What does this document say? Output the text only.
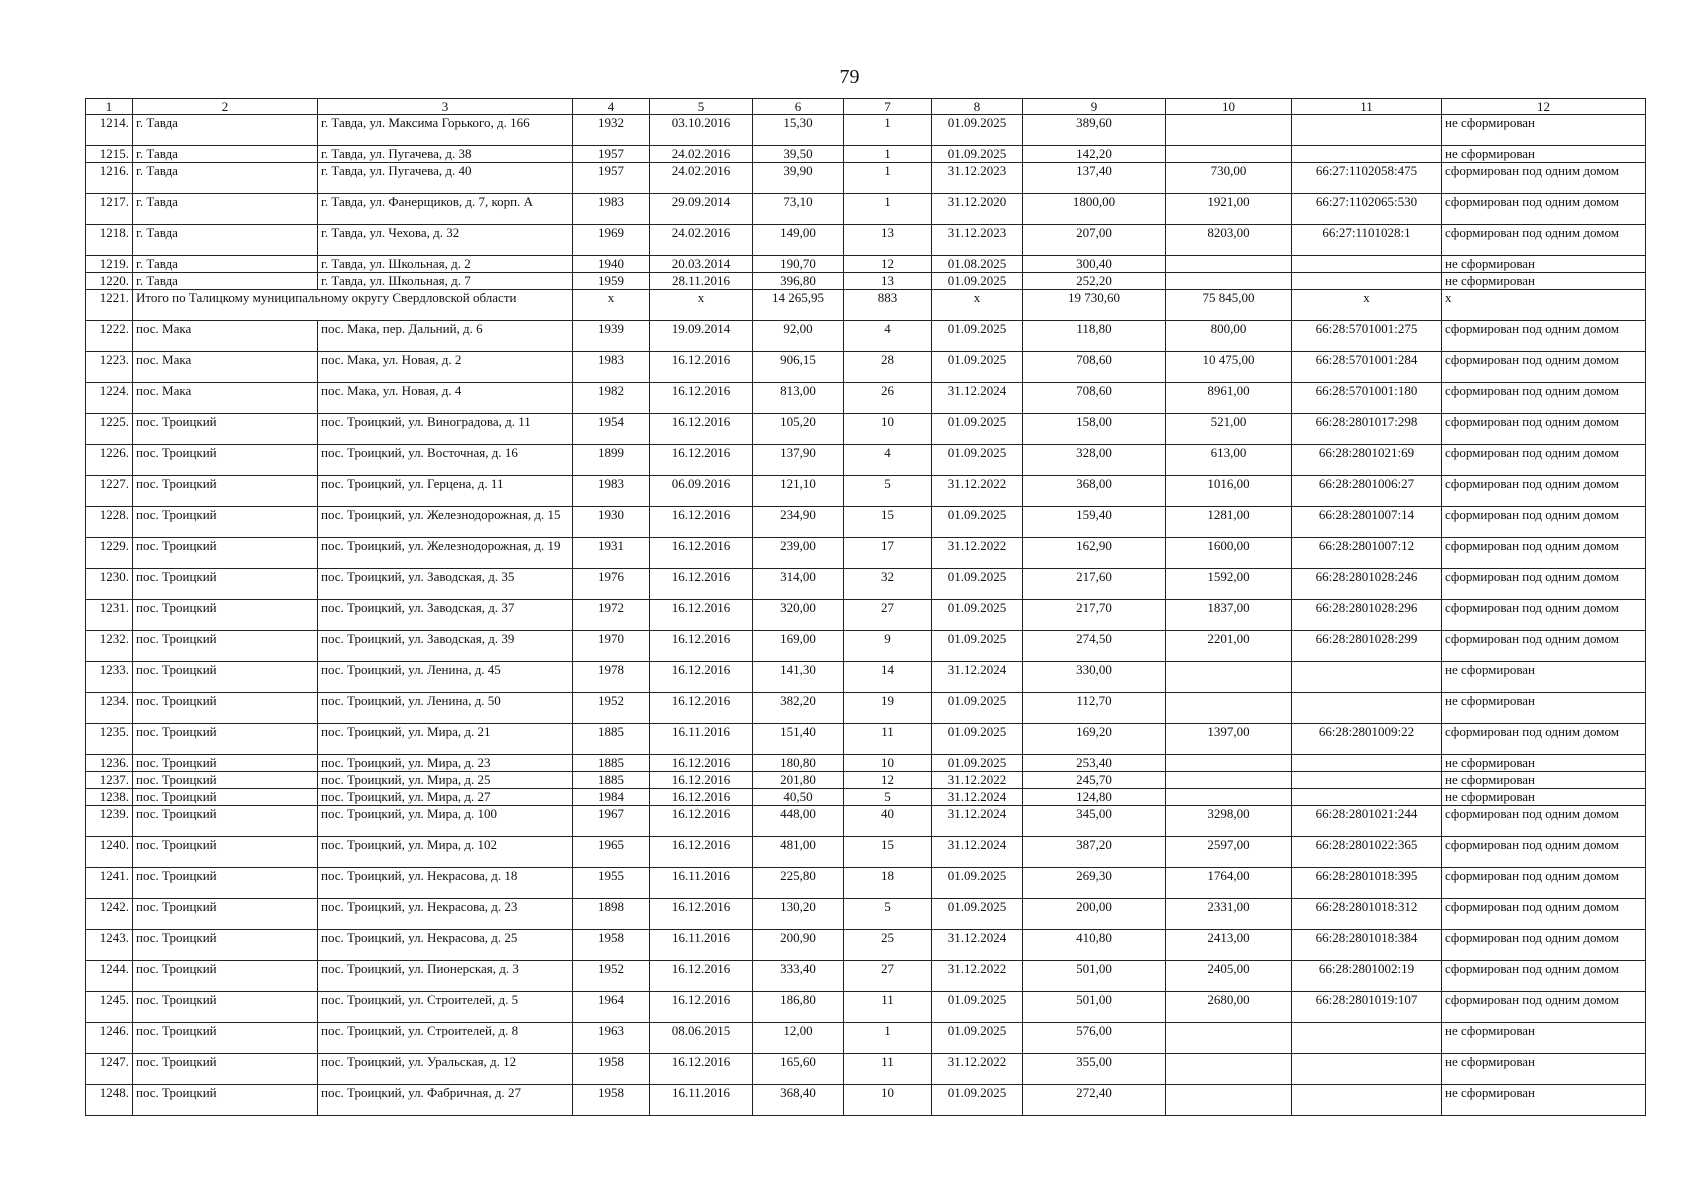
79
1	2	3	4	5	6	7	8	9	10	11	12
1214.	г. Тавда	г. Тавда, ул. Максима Горького, д. 166	1932	03.10.2016	15,30	1	01.09.2025	389,60			не сформирован
1215.	г. Тавда	г. Тавда, ул. Пугачева, д. 38	1957	24.02.2016	39,50	1	01.09.2025	142,20			не сформирован
1216.	г. Тавда	г. Тавда, ул. Пугачева, д. 40	1957	24.02.2016	39,90	1	31.12.2023	137,40	730,00	66:27:1102058:475	сформирован под одним домом
1217.	г. Тавда	г. Тавда, ул. Фанерщиков, д. 7, корп. А	1983	29.09.2014	73,10	1	31.12.2020	1800,00	1921,00	66:27:1102065:530	сформирован под одним домом
1218.	г. Тавда	г. Тавда, ул. Чехова, д. 32	1969	24.02.2016	149,00	13	31.12.2023	207,00	8203,00	66:27:1101028:1	сформирован под одним домом
1219.	г. Тавда	г. Тавда, ул. Школьная, д. 2	1940	20.03.2014	190,70	12	01.08.2025	300,40			не сформирован
1220.	г. Тавда	г. Тавда, ул. Школьная, д. 7	1959	28.11.2016	396,80	13	01.09.2025	252,20			не сформирован
1221.	Итого по Талицкому муниципальному округу Свердловской области		x	x	14 265,95	883	x	19 730,60	75 845,00	x	x
1222.	пос. Мака	пос. Мака, пер. Дальний, д. 6	1939	19.09.2014	92,00	4	01.09.2025	118,80	800,00	66:28:5701001:275	сформирован под одним домом
1223.	пос. Мака	пос. Мака, ул. Новая, д. 2	1983	16.12.2016	906,15	28	01.09.2025	708,60	10 475,00	66:28:5701001:284	сформирован под одним домом
1224.	пос. Мака	пос. Мака, ул. Новая, д. 4	1982	16.12.2016	813,00	26	31.12.2024	708,60	8961,00	66:28:5701001:180	сформирован под одним домом
1225.	пос. Троицкий	пос. Троицкий, ул. Виноградова, д. 11	1954	16.12.2016	105,20	10	01.09.2025	158,00	521,00	66:28:2801017:298	сформирован под одним домом
1226.	пос. Троицкий	пос. Троицкий, ул. Восточная, д. 16	1899	16.12.2016	137,90	4	01.09.2025	328,00	613,00	66:28:2801021:69	сформирован под одним домом
1227.	пос. Троицкий	пос. Троицкий, ул. Герцена, д. 11	1983	06.09.2016	121,10	5	31.12.2022	368,00	1016,00	66:28:2801006:27	сформирован под одним домом
1228.	пос. Троицкий	пос. Троицкий, ул. Железнодорожная, д. 15	1930	16.12.2016	234,90	15	01.09.2025	159,40	1281,00	66:28:2801007:14	сформирован под одним домом
1229.	пос. Троицкий	пос. Троицкий, ул. Железнодорожная, д. 19	1931	16.12.2016	239,00	17	31.12.2022	162,90	1600,00	66:28:2801007:12	сформирован под одним домом
1230.	пос. Троицкий	пос. Троицкий, ул. Заводская, д. 35	1976	16.12.2016	314,00	32	01.09.2025	217,60	1592,00	66:28:2801028:246	сформирован под одним домом
1231.	пос. Троицкий	пос. Троицкий, ул. Заводская, д. 37	1972	16.12.2016	320,00	27	01.09.2025	217,70	1837,00	66:28:2801028:296	сформирован под одним домом
1232.	пос. Троицкий	пос. Троицкий, ул. Заводская, д. 39	1970	16.12.2016	169,00	9	01.09.2025	274,50	2201,00	66:28:2801028:299	сформирован под одним домом
1233.	пос. Троицкий	пос. Троицкий, ул. Ленина, д. 45	1978	16.12.2016	141,30	14	31.12.2024	330,00			не сформирован
1234.	пос. Троицкий	пос. Троицкий, ул. Ленина, д. 50	1952	16.12.2016	382,20	19	01.09.2025	112,70			не сформирован
1235.	пос. Троицкий	пос. Троицкий, ул. Мира, д. 21	1885	16.11.2016	151,40	11	01.09.2025	169,20	1397,00	66:28:2801009:22	сформирован под одним домом
1236.	пос. Троицкий	пос. Троицкий, ул. Мира, д. 23	1885	16.12.2016	180,80	10	01.09.2025	253,40			не сформирован
1237.	пос. Троицкий	пос. Троицкий, ул. Мира, д. 25	1885	16.12.2016	201,80	12	31.12.2022	245,70			не сформирован
1238.	пос. Троицкий	пос. Троицкий, ул. Мира, д. 27	1984	16.12.2016	40,50	5	31.12.2024	124,80			не сформирован
1239.	пос. Троицкий	пос. Троицкий, ул. Мира, д. 100	1967	16.12.2016	448,00	40	31.12.2024	345,00	3298,00	66:28:2801021:244	сформирован под одним домом
1240.	пос. Троицкий	пос. Троицкий, ул. Мира, д. 102	1965	16.12.2016	481,00	15	31.12.2024	387,20	2597,00	66:28:2801022:365	сформирован под одним домом
1241.	пос. Троицкий	пос. Троицкий, ул. Некрасова, д. 18	1955	16.11.2016	225,80	18	01.09.2025	269,30	1764,00	66:28:2801018:395	сформирован под одним домом
1242.	пос. Троицкий	пос. Троицкий, ул. Некрасова, д. 23	1898	16.12.2016	130,20	5	01.09.2025	200,00	2331,00	66:28:2801018:312	сформирован под одним домом
1243.	пос. Троицкий	пос. Троицкий, ул. Некрасова, д. 25	1958	16.11.2016	200,90	25	31.12.2024	410,80	2413,00	66:28:2801018:384	сформирован под одним домом
1244.	пос. Троицкий	пос. Троицкий, ул. Пионерская, д. 3	1952	16.12.2016	333,40	27	31.12.2022	501,00	2405,00	66:28:2801002:19	сформирован под одним домом
1245.	пос. Троицкий	пос. Троицкий, ул. Строителей, д. 5	1964	16.12.2016	186,80	11	01.09.2025	501,00	2680,00	66:28:2801019:107	сформирован под одним домом
1246.	пос. Троицкий	пос. Троицкий, ул. Строителей, д. 8	1963	08.06.2015	12,00	1	01.09.2025	576,00			не сформирован
1247.	пос. Троицкий	пос. Троицкий, ул. Уральская, д. 12	1958	16.12.2016	165,60	11	31.12.2022	355,00			не сформирован
1248.	пос. Троицкий	пос. Троицкий, ул. Фабричная, д. 27	1958	16.11.2016	368,40	10	01.09.2025	272,40			не сформирован
